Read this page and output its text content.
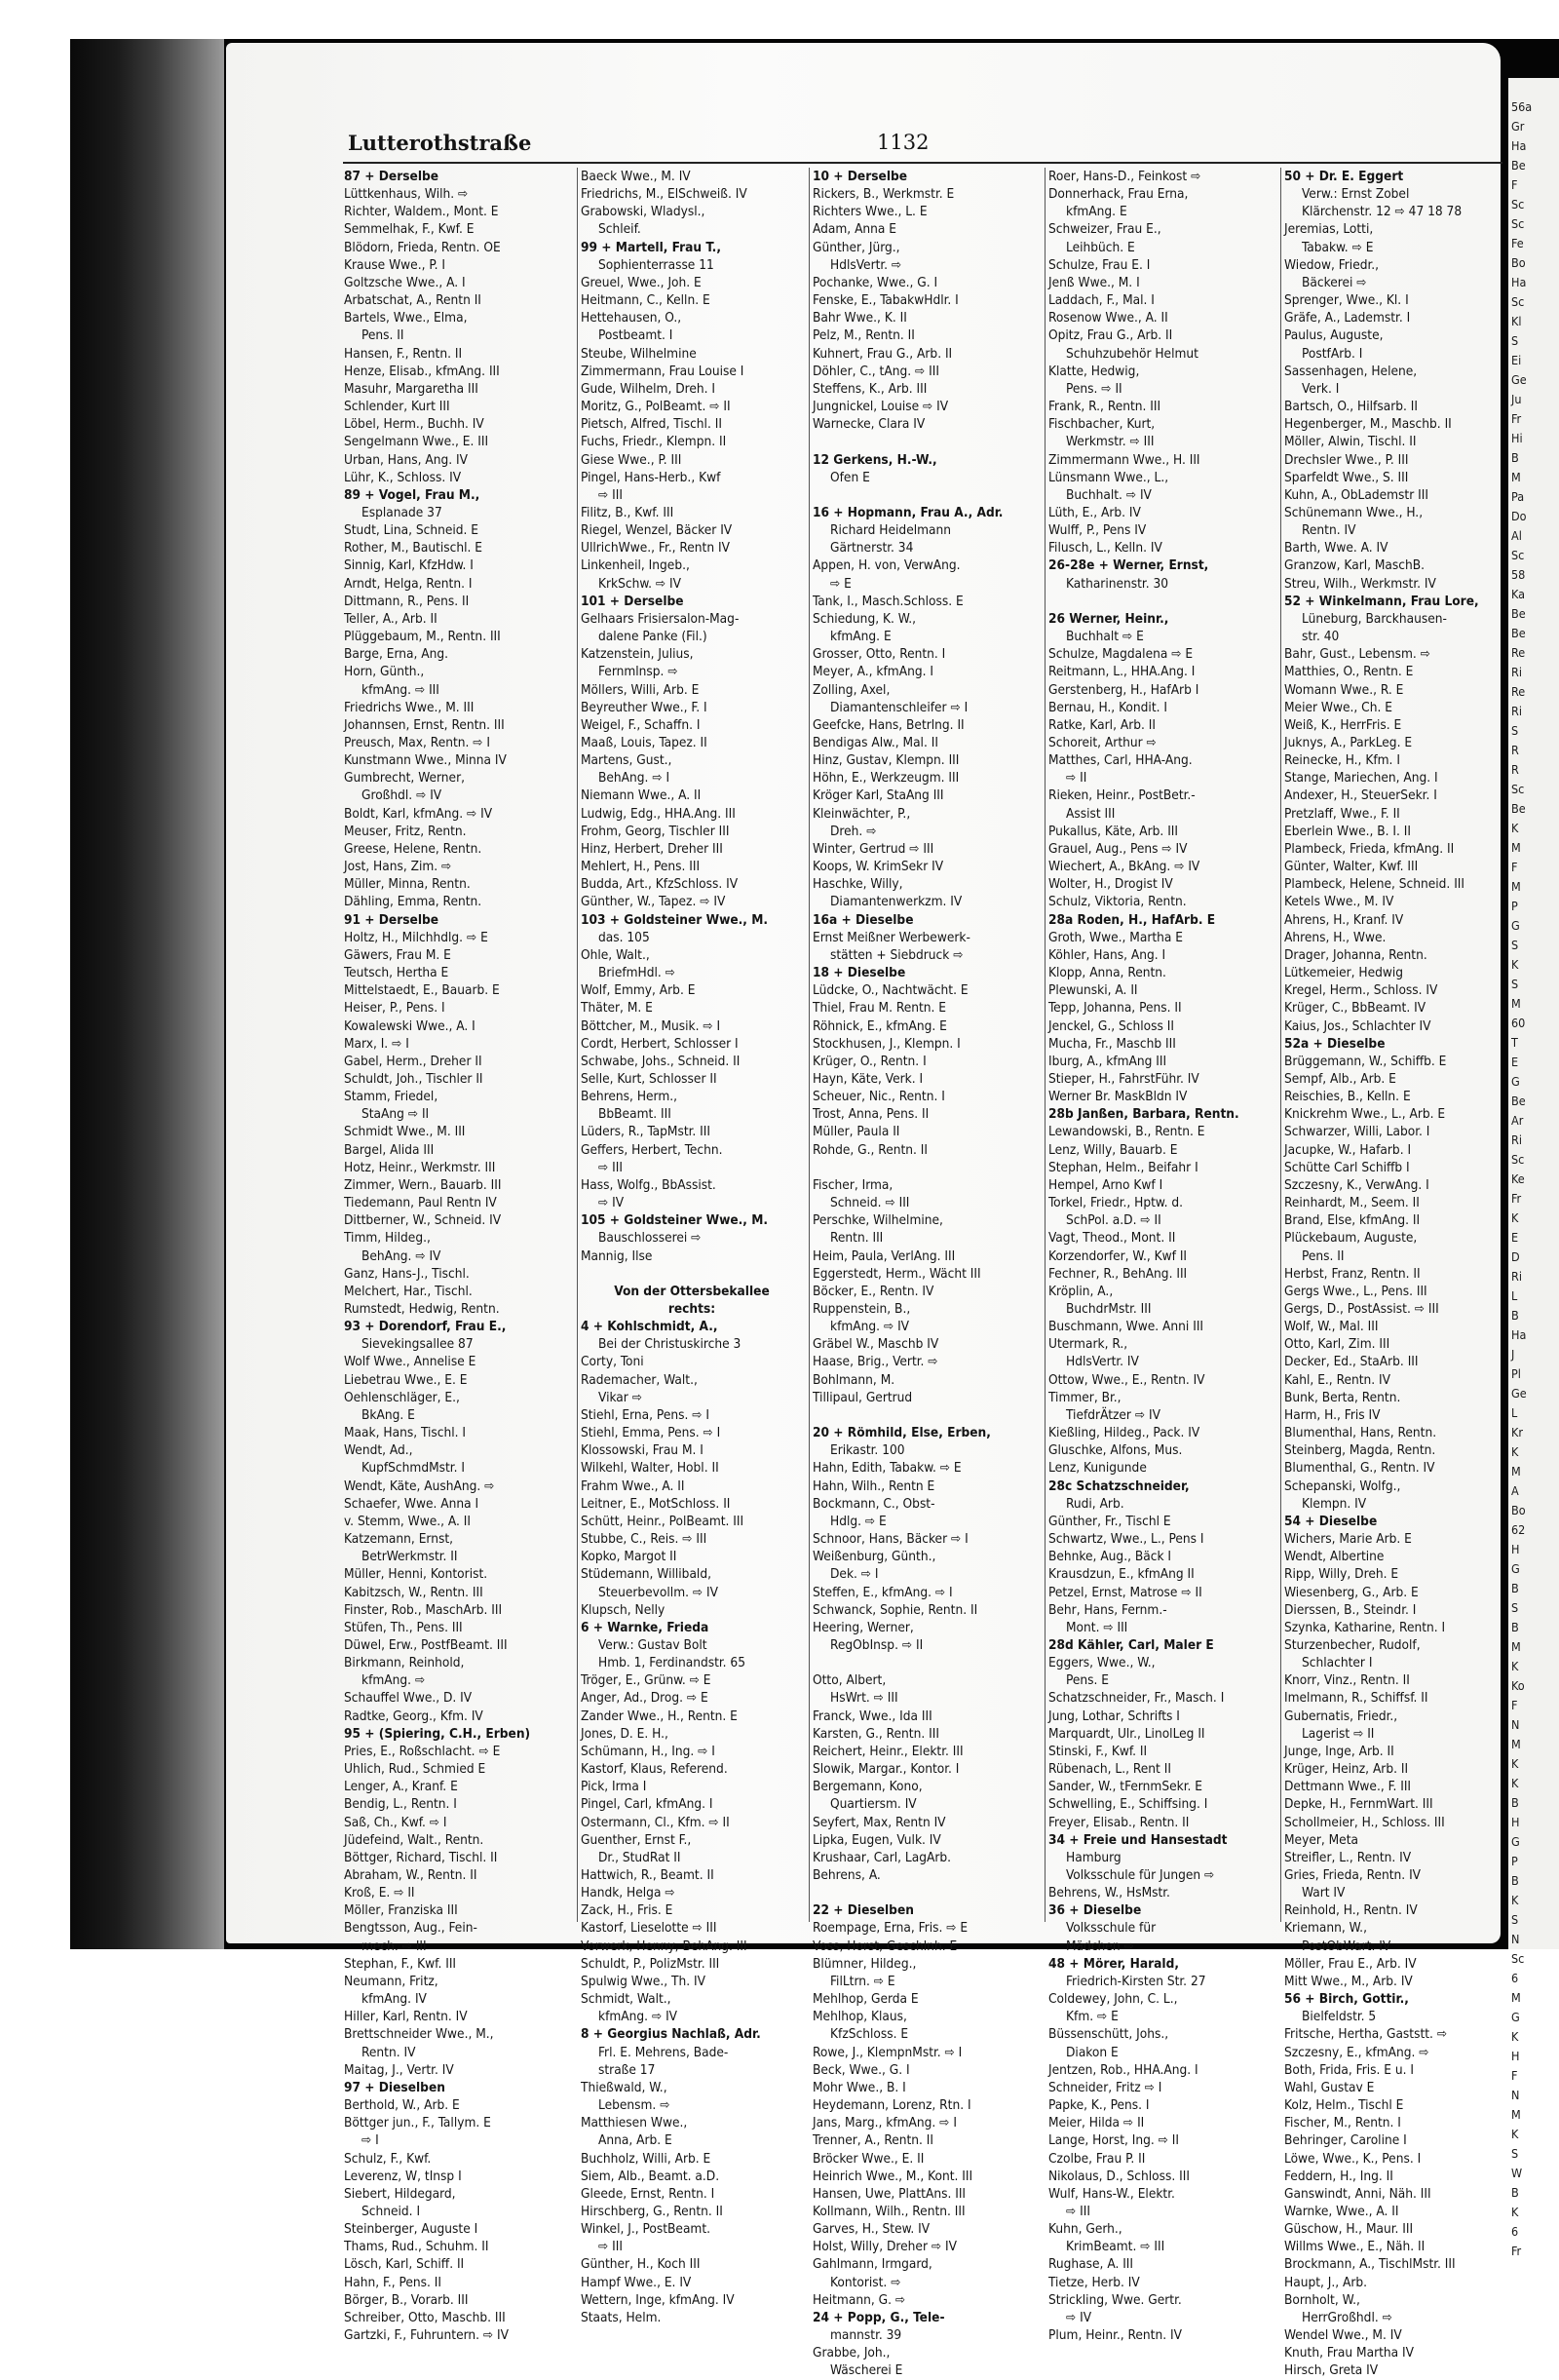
Lutterothstraße	1132
87 + Derselbe
Lüttkenhaus, Wilh. ⇨
Richter, Waldem., Mont. E
Semmelhak, F., Kwf. E
Blödorn, Frieda, Rentn. OE
Krause Wwe., P. I
Goltzsche Wwe., A. I
Arbatschat, A., Rentn II
Bartels, Wwe., Elma,
Pens. II
Hansen, F., Rentn. II
Henze, Elisab., kfmAng. III
Masuhr, Margaretha III
Schlender, Kurt III
Löbel, Herm., Buchh. IV
Sengelmann Wwe., E. III
Urban, Hans, Ang. IV
Lühr, K., Schloss. IV
89 + Vogel, Frau M.,
Esplanade 37
Studt, Lina, Schneid. E
Rother, M., Bautischl. E
Sinnig, Karl, KfzHdw. I
Arndt, Helga, Rentn. I
Dittmann, R., Pens. II
Teller, A., Arb. II
Plüggebaum, M., Rentn. III
Barge, Erna, Ang.
Horn, Günth.,
kfmAng. ⇨ III
Friedrichs Wwe., M. III
Johannsen, Ernst, Rentn. III
Preusch, Max, Rentn. ⇨ I
Kunstmann Wwe., Minna IV
Gumbrecht, Werner,
Großhdl. ⇨ IV
Boldt, Karl, kfmAng. ⇨ IV
Meuser, Fritz, Rentn.
Greese, Helene, Rentn.
Jost, Hans, Zim. ⇨
Müller, Minna, Rentn.
Dähling, Emma, Rentn.
91 + Derselbe
Holtz, H., Milchhdlg. ⇨ E
Gäwers, Frau M. E
Teutsch, Hertha E
Mittelstaedt, E., Bauarb. E
Heiser, P., Pens. I
Kowalewski Wwe., A. I
Marx, I. ⇨ I
Gabel, Herm., Dreher II
Schuldt, Joh., Tischler II
Stamm, Friedel,
StaAng ⇨ II
Schmidt Wwe., M. III
Bargel, Alida III
Hotz, Heinr., Werkmstr. III
Zimmer, Wern., Bauarb. III
Tiedemann, Paul Rentn IV
Dittberner, W., Schneid. IV
Timm, Hildeg.,
BehAng. ⇨ IV
Ganz, Hans-J., Tischl.
Melchert, Har., Tischl.
Rumstedt, Hedwig, Rentn.
93 + Dorendorf, Frau E.,
Sievekingsallee 87
Wolf Wwe., Annelise E
Liebetrau Wwe., E. E
Oehlenschläger, E.,
BkAng. E
Maak, Hans, Tischl. I
Wendt, Ad.,
KupfSchmdMstr. I
Wendt, Käte, AushAng. ⇨
Schaefer, Wwe. Anna I
v. Stemm, Wwe., A. II
Katzemann, Ernst,
BetrWerkmstr. II
Müller, Henni, Kontorist.
Kabitzsch, W., Rentn. III
Finster, Rob., MaschArb. III
Stüfen, Th., Pens. III
Düwel, Erw., PostfBeamt. III
Birkmann, Reinhold,
kfmAng. ⇨
Schauffel Wwe., D. IV
Radtke, Georg., Kfm. IV
95 + (Spiering, C.H., Erben)
Pries, E., Roßschlacht. ⇨ E
Uhlich, Rud., Schmied E
Lenger, A., Kranf. E
Bendig, L., Rentn. I
Saß, Ch., Kwf. ⇨ I
Jüdefeind, Walt., Rentn.
Böttger, Richard, Tischl. II
Abraham, W., Rentn. II
Kroß, E. ⇨ II
Möller, Franziska III
Bengtsson, Aug., Fein-
mech. ⇨ III
Stephan, F., Kwf. III
Neumann, Fritz,
kfmAng. IV
Hiller, Karl, Rentn. IV
Brettschneider Wwe., M.,
Rentn. IV
Maitag, J., Vertr. IV
97 + Dieselben
Berthold, W., Arb. E
Böttger jun., F., Tallym. E
⇨ I
Schulz, F., Kwf.
Leverenz, W, tInsp I
Siebert, Hildegard,
Schneid. I
Steinberger, Auguste I
Thams, Rud., Schuhm. II
Lösch, Karl, Schiff. II
Hahn, F., Pens. II
Börger, B., Vorarb. III
Schreiber, Otto, Maschb. III
Gartzki, F., Fuhruntern. ⇨ IV
Baeck Wwe., M. IV
Friedrichs, M., ElSchweiß. IV
Grabowski, Wladysl.,
Schleif.
99 + Martell, Frau T.,
Sophienterrasse 11
Greuel, Wwe., Joh. E
Heitmann, C., Kelln. E
Hettehausen, O.,
Postbeamt. I
Steube, Wilhelmine
Zimmermann, Frau Louise I
Gude, Wilhelm, Dreh. I
Moritz, G., PolBeamt. ⇨ II
Pietsch, Alfred, Tischl. II
Fuchs, Friedr., Klempn. II
Giese Wwe., P. III
Pingel, Hans-Herb., Kwf
⇨ III
Filitz, B., Kwf. III
Riegel, Wenzel, Bäcker IV
UllrichWwe., Fr., Rentn IV
Linkenheil, Ingeb.,
KrkSchw. ⇨ IV
101 + Derselbe
Gelhaars Frisiersalon-Mag-
dalene Panke (Fil.)
Katzenstein, Julius,
Fernmlnsp. ⇨
Möllers, Willi, Arb. E
Beyreuther Wwe., F. I
Weigel, F., Schaffn. I
Maaß, Louis, Tapez. II
Martens, Gust.,
BehAng. ⇨ I
Niemann Wwe., A. II
Ludwig, Edg., HHA.Ang. III
Frohm, Georg, Tischler III
Hinz, Herbert, Dreher III
Mehlert, H., Pens. III
Budda, Art., KfzSchloss. IV
Günther, W., Tapez. ⇨ IV
103 + Goldsteiner Wwe., M.
das. 105
Ohle, Walt.,
BriefmHdl. ⇨
Wolf, Emmy, Arb. E
Thäter, M. E
Böttcher, M., Musik. ⇨ I
Cordt, Herbert, Schlosser I
Schwabe, Johs., Schneid. II
Selle, Kurt, Schlosser II
Behrens, Herm.,
BbBeamt. III
Lüders, R., TapMstr. III
Geffers, Herbert, Techn.
⇨ III
Hass, Wolfg., BbAssist.
⇨ IV
105 + Goldsteiner Wwe., M.
Bauschlosserei ⇨
Mannig, Ilse

Von der Ottersbekallee
rechts:
4 + Kohlschmidt, A.,
Bei der Christuskirche 3
Corty, Toni
Rademacher, Walt.,
Vikar ⇨
Stiehl, Erna, Pens. ⇨ I
Stiehl, Emma, Pens. ⇨ I
Klossowski, Frau M. I
Wilkehl, Walter, Hobl. II
Frahm Wwe., A. II
Leitner, E., MotSchloss. II
Schütt, Heinr., PolBeamt. III
Stubbe, C., Reis. ⇨ III
Kopko, Margot II
Stüdemann, Willibald,
Steuerbevollm. ⇨ IV
Klupsch, Nelly
6 + Warnke, Frieda
Verw.: Gustav Bolt
Hmb. 1, Ferdinandstr. 65
Tröger, E., Grünw. ⇨ E
Anger, Ad., Drog. ⇨ E
Zander Wwe., H., Rentn. E
Jones, D. E. H.,
Schümann, H., Ing. ⇨ I
Kastorf, Klaus, Referend.
Pick, Irma I
Pingel, Carl, kfmAng. I
Ostermann, Cl., Kfm. ⇨ II
Guenther, Ernst F.,
Dr., StudRat II
Hattwich, R., Beamt. II
Handk, Helga ⇨
Zack, H., Fris. E
Kastorf, Lieselotte ⇨ III
Vorwerk, Henny, BehAng. III
Schuldt, P., PolizMstr. III
Spulwig Wwe., Th. IV
Schmidt, Walt.,
kfmAng. ⇨ IV
8 + Georgius Nachlaß, Adr.
Frl. E. Mehrens, Bade-
straße 17
Thießwald, W.,
Lebensm. ⇨
Matthiesen Wwe.,
Anna, Arb. E
Buchholz, Willi, Arb. E
Siem, Alb., Beamt. a.D.
Gleede, Ernst, Rentn. I
Hirschberg, G., Rentn. II
Winkel, J., PostBeamt.
⇨ III
Günther, H., Koch III
Hampf Wwe., E. IV
Wettern, Inge, kfmAng. IV
Staats, Helm.
10 + Derselbe
Rickers, B., Werkmstr. E
Richters Wwe., L. E
Adam, Anna E
Günther, Jürg.,
HdlsVertr. ⇨
Pochanke, Wwe., G. I
Fenske, E., TabakwHdlr. I
Bahr Wwe., K. II
Pelz, M., Rentn. II
Kuhnert, Frau G., Arb. II
Döhler, C., tAng. ⇨ III
Steffens, K., Arb. III
Jungnickel, Louise ⇨ IV
Warnecke, Clara IV

12 Gerkens, H.-W.,
Ofen E

16 + Hopmann, Frau A., Adr.
Richard Heidelmann
Gärtnerstr. 34
Appen, H. von, VerwAng.
⇨ E
Tank, I., Masch.Schloss. E
Schiedung, K. W.,
kfmAng. E
Grosser, Otto, Rentn. I
Meyer, A., kfmAng. I
Zolling, Axel,
Diamantenschleifer ⇨ I
Geefcke, Hans, Betrlng. II
Bendigas Alw., Mal. II
Hinz, Gustav, Klempn. III
Höhn, E., Werkzeugm. III
Kröger Karl, StaAng III
Kleinwächter, P.,
Dreh. ⇨
Winter, Gertrud ⇨ III
Koops, W. KrimSekr IV
Haschke, Willy,
Diamantenwerkzm. IV
16a + Dieselbe
Ernst Meißner Werbewerk-
stätten + Siebdruck ⇨
18 + Dieselbe
Lüdcke, O., Nachtwächt. E
Thiel, Frau M. Rentn. E
Röhnick, E., kfmAng. E
Stockhusen, J., Klempn. I
Krüger, O., Rentn. I
Hayn, Käte, Verk. I
Scheuer, Nic., Rentn. I
Trost, Anna, Pens. II
Müller, Paula II
Rohde, G., Rentn. II

Fischer, Irma,
Schneid. ⇨ III
Perschke, Wilhelmine,
Rentn. III
Heim, Paula, VerlAng. III
Eggerstedt, Herm., Wächt III
Böcker, E., Rentn. IV
Ruppenstein, B.,
kfmAng. ⇨ IV
Gräbel W., Maschb IV
Haase, Brig., Vertr. ⇨
Bohlmann, M.
Tillipaul, Gertrud

20 + Römhild, Else, Erben,
Erikastr. 100
Hahn, Edith, Tabakw. ⇨ E
Hahn, Wilh., Rentn E
Bockmann, C., Obst-
Hdlg. ⇨ E
Schnoor, Hans, Bäcker ⇨ I
Weißenburg, Günth.,
Dek. ⇨ I
Steffen, E., kfmAng. ⇨ I
Schwanck, Sophie, Rentn. II
Heering, Werner,
RegObInsp. ⇨ II

Otto, Albert,
HsWrt. ⇨ III
Franck, Wwe., Ida III
Karsten, G., Rentn. III
Reichert, Heinr., Elektr. III
Slowik, Margar., Kontor. I
Bergemann, Kono,
Quartiersm. IV
Seyfert, Max, Rentn IV
Lipka, Eugen, Vulk. IV
Krushaar, Carl, LagArb.
Behrens, A.

22 + Dieselben
Roempage, Erna, Fris. ⇨ E
Voss, Horst, Geschlnh. E
Blümner, Hildeg.,
FilLtrn. ⇨ E
Mehlhop, Gerda E
Mehlhop, Klaus,
KfzSchloss. E
Rowe, J., KlempnMstr. ⇨ I
Beck, Wwe., G. I
Mohr Wwe., B. I
Heydemann, Lorenz, Rtn. I
Jans, Marg., kfmAng. ⇨ I
Trenner, A., Rentn. II
Bröcker Wwe., E. II
Heinrich Wwe., M., Kont. III
Hansen, Uwe, PlattAns. III
Kollmann, Wilh., Rentn. III
Garves, H., Stew. IV
Holst, Willy, Dreher ⇨ IV
Gahlmann, Irmgard,
Kontorist. ⇨
Heitmann, G. ⇨
24 + Popp, G., Tele-
mannstr. 39
Grabbe, Joh.,
Wäscherei E
Roer, Hans-D., Feinkost ⇨
Donnerhack, Frau Erna,
kfmAng. E
Schweizer, Frau E.,
Leihbüch. E
Schulze, Frau E. I
Jenß Wwe., M. I
Laddach, F., Mal. I
Rosenow Wwe., A. II
Opitz, Frau G., Arb. II
Schuhzubehör Helmut
Klatte, Hedwig,
Pens. ⇨ II
Frank, R., Rentn. III
Fischbacher, Kurt,
Werkmstr. ⇨ III
Zimmermann Wwe., H. III
Lünsmann Wwe., L.,
Buchhalt. ⇨ IV
Lüth, E., Arb. IV
Wulff, P., Pens IV
Filusch, L., Kelln. IV
26-28e + Werner, Ernst,
Katharinenstr. 30

26 Werner, Heinr.,
Buchhalt ⇨ E
Schulze, Magdalena ⇨ E
Reitmann, L., HHA.Ang. I
Gerstenberg, H., HafArb I
Bernau, H., Kondit. I
Ratke, Karl, Arb. II
Schoreit, Arthur ⇨
Matthes, Carl, HHA-Ang.
⇨ II
Rieken, Heinr., PostBetr.-
Assist III
Pukallus, Käte, Arb. III
Grauel, Aug., Pens ⇨ IV
Wiechert, A., BkAng. ⇨ IV
Wolter, H., Drogist IV
Schulz, Viktoria, Rentn.
28a Roden, H., HafArb. E
Groth, Wwe., Martha E
Köhler, Hans, Ang. I
Klopp, Anna, Rentn.
Plewunski, A. II
Tepp, Johanna, Pens. II
Jenckel, G., Schloss II
Mucha, Fr., Maschb III
Iburg, A., kfmAng III
Stieper, H., FahrstFühr. IV
Werner Br. MaskBldn IV
28b Janßen, Barbara, Rentn.
Lewandowski, B., Rentn. E
Lenz, Willy, Bauarb. E
Stephan, Helm., Beifahr I
Hempel, Arno Kwf I
Torkel, Friedr., Hptw. d.
SchPol. a.D. ⇨ II
Vagt, Theod., Mont. II
Korzendorfer, W., Kwf II
Fechner, R., BehAng. III
Kröplin, A.,
BuchdrMstr. III
Buschmann, Wwe. Anni III
Utermark, R.,
HdlsVertr. IV
Ottow, Wwe., E., Rentn. IV
Timmer, Br.,
TiefdrÄtzer ⇨ IV
Kießling, Hildeg., Pack. IV
Gluschke, Alfons, Mus.
Lenz, Kunigunde
28c Schatzschneider,
Rudi, Arb.
Günther, Fr., Tischl E
Schwartz, Wwe., L., Pens I
Behnke, Aug., Bäck I
Krausdzun, E., kfmAng II
Petzel, Ernst, Matrose ⇨ II
Behr, Hans, Fernm.-
Mont. ⇨ III
28d Kähler, Carl, Maler E
Eggers, Wwe., W.,
Pens. E
Schatzschneider, Fr., Masch. I
Jung, Lothar, Schrifts I
Marquardt, Ulr., LinolLeg II
Stinski, F., Kwf. II
Rübenach, L., Rent II
Sander, W., tFernmSekr. E
Schwelling, E., Schiffsing. I
Freyer, Elisab., Rentn. II
34 + Freie und Hansestadt
Hamburg
Volksschule für Jungen ⇨
Behrens, W., HsMstr.
36 + Dieselbe
Volksschule für
Mädchen ⇨
48 + Mörer, Harald,
Friedrich-Kirsten Str. 27
Coldewey, John, C. L.,
Kfm. ⇨ E
Büssenschütt, Johs.,
Diakon E
Jentzen, Rob., HHA.Ang. I
Schneider, Fritz ⇨ I
Papke, K., Pens. I
Meier, Hilda ⇨ II
Lange, Horst, Ing. ⇨ II
Czolbe, Frau P. II
Nikolaus, D., Schloss. III
Wulf, Hans-W., Elektr.
⇨ III
Kuhn, Gerh.,
KrimBeamt. ⇨ III
Rughase, A. III
Tietze, Herb. IV
Strickling, Wwe. Gertr.
⇨ IV
Plum, Heinr., Rentn. IV
50 + Dr. E. Eggert
Verw.: Ernst Zobel
Klärchenstr. 12 ⇨ 47 18 78
Jeremias, Lotti,
Tabakw. ⇨ E
Wiedow, Friedr.,
Bäckerei ⇨
Sprenger, Wwe., Kl. I
Gräfe, A., Lademstr. I
Paulus, Auguste,
PostfArb. I
Sassenhagen, Helene,
Verk. I
Bartsch, O., Hilfsarb. II
Hegenberger, M., Maschb. II
Möller, Alwin, Tischl. II
Drechsler Wwe., P. III
Sparfeldt Wwe., S. III
Kuhn, A., ObLademstr III
Schünemann Wwe., H.,
Rentn. IV
Barth, Wwe. A. IV
Granzow, Karl, MaschB.
Streu, Wilh., Werkmstr. IV
52 + Winkelmann, Frau Lore,
Lüneburg, Barckhausen-
str. 40
Bahr, Gust., Lebensm. ⇨
Matthies, O., Rentn. E
Womann Wwe., R. E
Meier Wwe., Ch. E
Weiß, K., HerrFris. E
Juknys, A., ParkLeg. E
Reinecke, H., Kfm. I
Stange, Mariechen, Ang. I
Andexer, H., SteuerSekr. I
Pretzlaff, Wwe., F. II
Eberlein Wwe., B. I. II
Plambeck, Frieda, kfmAng. II
Günter, Walter, Kwf. III
Plambeck, Helene, Schneid. III
Ketels Wwe., M. IV
Ahrens, H., Kranf. IV
Ahrens, H., Wwe.
Drager, Johanna, Rentn.
Lütkemeier, Hedwig
Kregel, Herm., Schloss. IV
Krüger, C., BbBeamt. IV
Kaius, Jos., Schlachter IV
52a + Dieselbe
Brüggemann, W., Schiffb. E
Sempf, Alb., Arb. E
Reischies, B., Kelln. E
Knickrehm Wwe., L., Arb. E
Schwarzer, Willi, Labor. I
Jacupke, W., Hafarb. I
Schütte Carl Schiffb I
Szczesny, K., VerwAng. I
Reinhardt, M., Seem. II
Brand, Else, kfmAng. II
Plückebaum, Auguste,
Pens. II
Herbst, Franz, Rentn. II
Gergs Wwe., L., Pens. III
Gergs, D., PostAssist. ⇨ III
Wolf, W., Mal. III
Otto, Karl, Zim. III
Decker, Ed., StaArb. III
Kahl, E., Rentn. IV
Bunk, Berta, Rentn.
Harm, H., Fris IV
Blumenthal, Hans, Rentn.
Steinberg, Magda, Rentn.
Blumenthal, G., Rentn. IV
Schepanski, Wolfg.,
Klempn. IV
54 + Dieselbe
Wichers, Marie Arb. E
Wendt, Albertine
Ripp, Willy, Dreh. E
Wiesenberg, G., Arb. E
Dierssen, B., Steindr. I
Szynka, Katharine, Rentn. I
Sturzenbecher, Rudolf,
Schlachter I
Knorr, Vinz., Rentn. II
Imelmann, R., Schiffsf. II
Gubernatis, Friedr.,
Lagerist ⇨ II
Junge, Inge, Arb. II
Krüger, Heinz, Arb. II
Dettmann Wwe., F. III
Depke, H., FernmWart. III
Schollmeier, H., Schloss. III
Meyer, Meta
Streifler, L., Rentn. IV
Gries, Frieda, Rentn. IV
Wart IV
Reinhold, H., Rentn. IV
Kriemann, W.,
PostObWart. IV
Möller, Frau E., Arb. IV
Mitt Wwe., M., Arb. IV
56 + Birch, Gottir.,
Bielfeldstr. 5
Fritsche, Hertha, Gaststt. ⇨
Szczesny, E., kfmAng. ⇨
Both, Frida, Fris. E u. I
Wahl, Gustav E
Kolz, Helm., Tischl E
Fischer, M., Rentn. I
Behringer, Caroline I
Löwe, Wwe., K., Pens. I
Feddern, H., Ing. II
Ganswindt, Anni, Näh. III
Warnke, Wwe., A. II
Güschow, H., Maur. III
Willms Wwe., E., Näh. II
Brockmann, A., TischlMstr. III
Haupt, J., Arb.
Bornholt, W.,
HerrGroßhdl. ⇨
Wendel Wwe., M. IV
Knuth, Frau Martha IV
Hirsch, Greta IV
56a
Gr
Ha
Be
F
Sc
Sc
Fe
Bo
Ha
Sc
Kl
S
Ei
Ge
Ju
Fr
Hi
B
M
Pa
Do
Al
Sc
58
Ka
Be
Be
Re
Ri
Re
Ri
S
R
R
Sc
Be
K
M
F
M
P
G
S
K
S
M
60
T
E
G
Be
Ar
Ri
Sc
Ke
Fr
K
E
D
Ri
L
B
Ha
J
Pl
Ge
L
Kr
K
M
A
Bo
62
H
G
B
S
B
M
K
Ko
F
N
M
K
K
B
H
G
P
B
K
S
N
Sc
6
M
G
K
H
F
N
M
K
S
W
B
K
6
Fr
